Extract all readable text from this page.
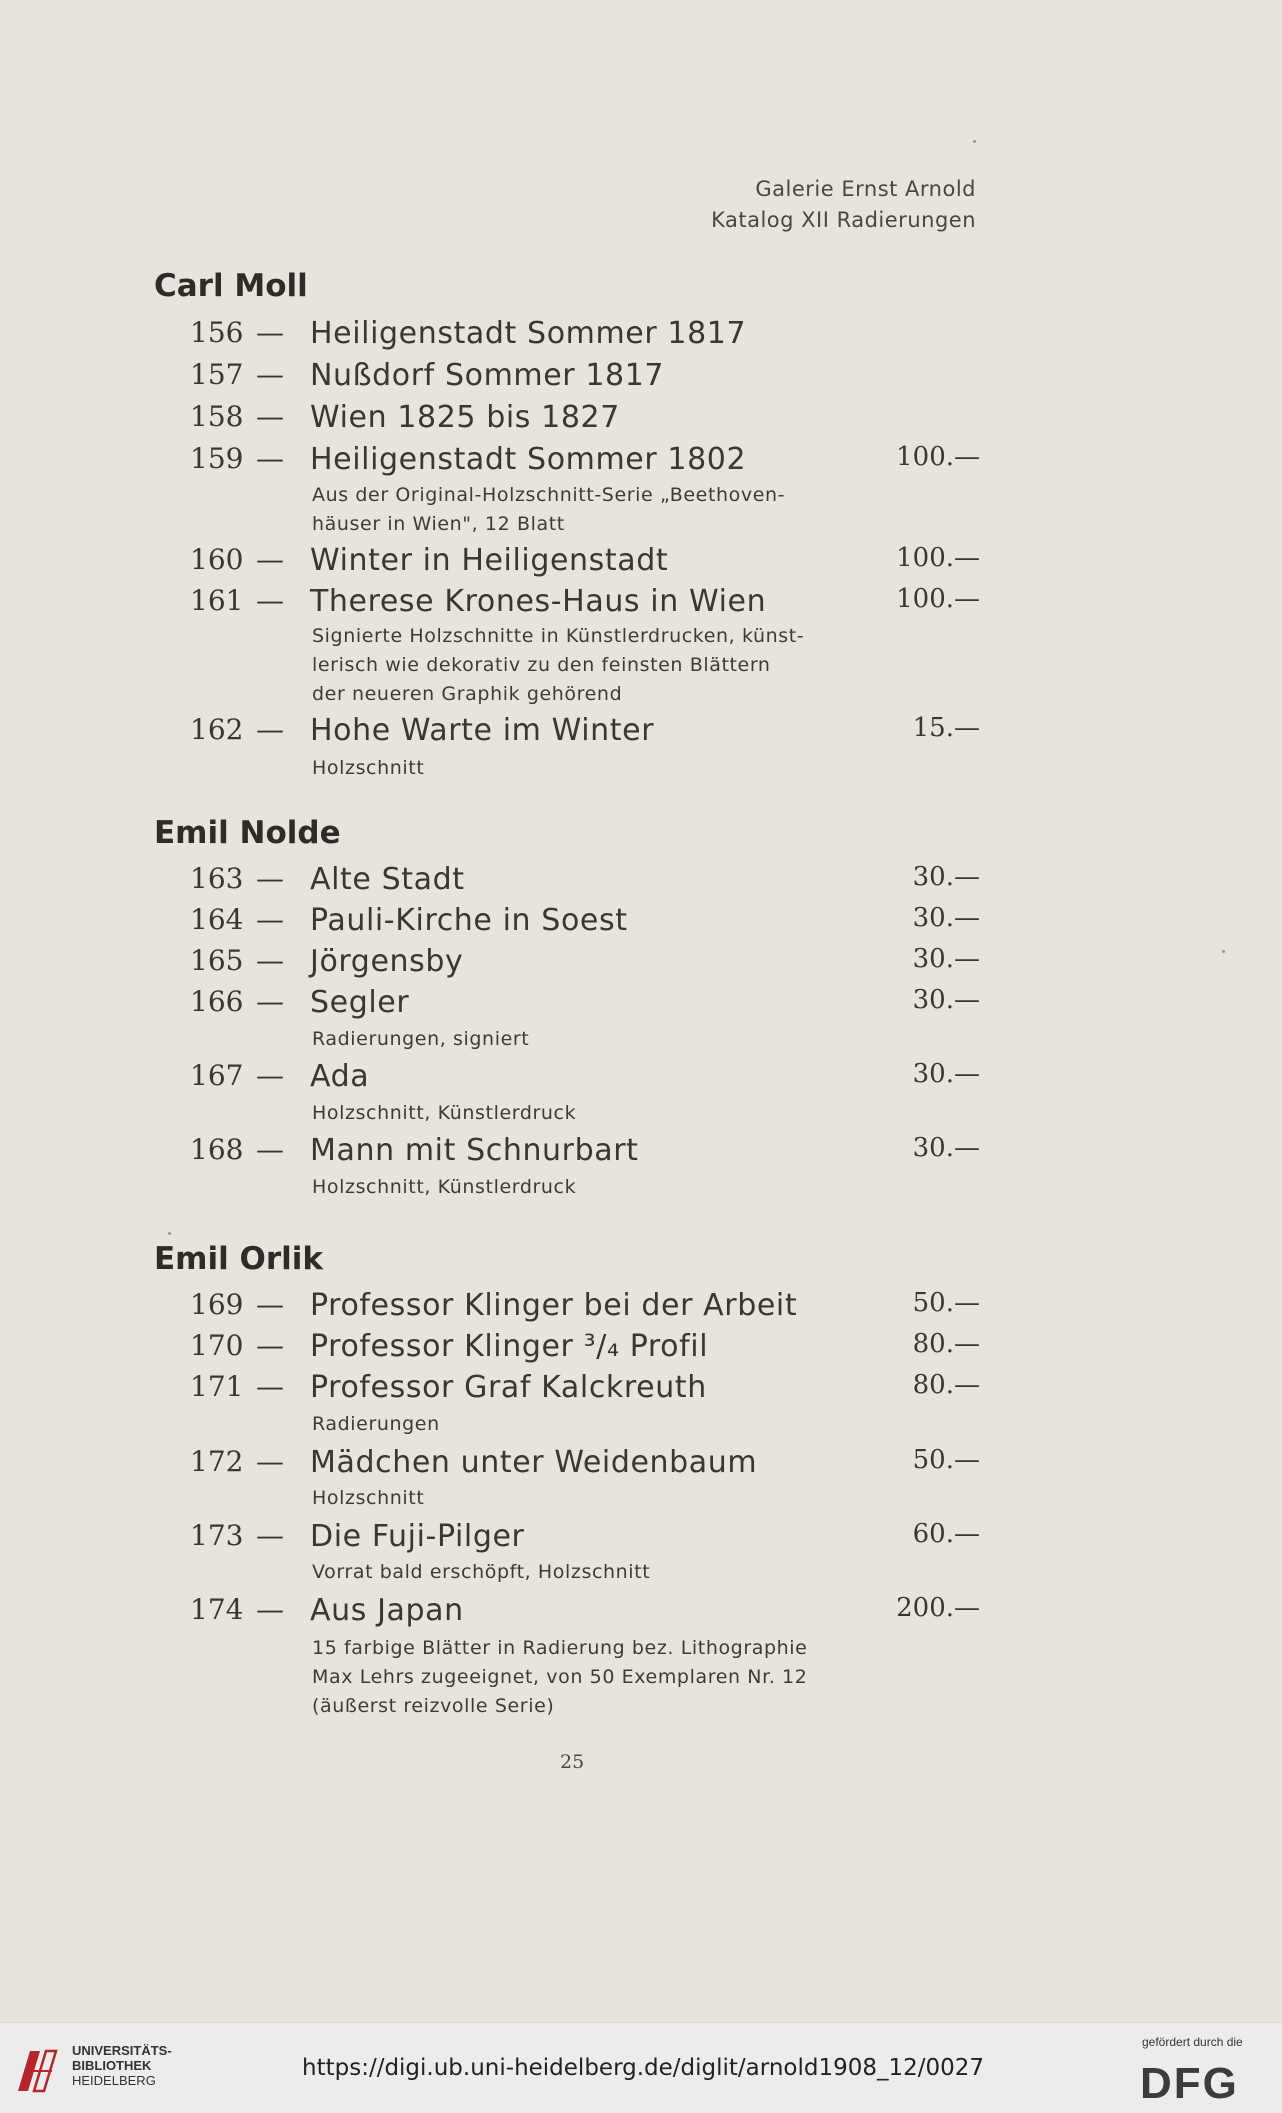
Galerie Ernst Arnold
Katalog XII Radierungen
Carl Moll
156 — Heiligenstadt Sommer 1817
157 — Nußdorf Sommer 1817
158 — Wien 1825 bis 1827
159 — Heiligenstadt Sommer 1802	100.—
Aus der Original-Holzschnitt-Serie „Beethoven-
häuser in Wien", 12 Blatt
160 — Winter in Heiligenstadt	100.—
161 — Therese Krones-Haus in Wien	100.—
Signierte Holzschnitte in Künstlerdrucken, künst-
lerisch wie dekorativ zu den feinsten Blättern
der neueren Graphik gehörend
162 — Hohe Warte im Winter	15.—
Holzschnitt
Emil Nolde
163 — Alte Stadt	30.—
164 — Pauli-Kirche in Soest	30.—
165 — Jörgensby	30.—
166 — Segler	30.—
Radierungen, signiert
167 — Ada	30.—
Holzschnitt, Künstlerdruck
168 — Mann mit Schnurbart	30.—
Holzschnitt, Künstlerdruck
Emil Orlik
169 — Professor Klinger bei der Arbeit	50.—
170 — Professor Klinger ³/₄ Profil	80.—
171 — Professor Graf Kalckreuth	80.—
Radierungen
172 — Mädchen unter Weidenbaum	50.—
Holzschnitt
173 — Die Fuji-Pilger	60.—
Vorrat bald erschöpft, Holzschnitt
174 — Aus Japan	200.—
15 farbige Blätter in Radierung bez. Lithographie
Max Lehrs zugeeignet, von 50 Exemplaren Nr. 12
(äußerst reizvolle Serie)
25
UNIVERSITÄTS-
BIBLIOTHEK
HEIDELBERG	https://digi.ub.uni-heidelberg.de/diglit/arnold1908_12/0027
gefördert durch die
DFG
